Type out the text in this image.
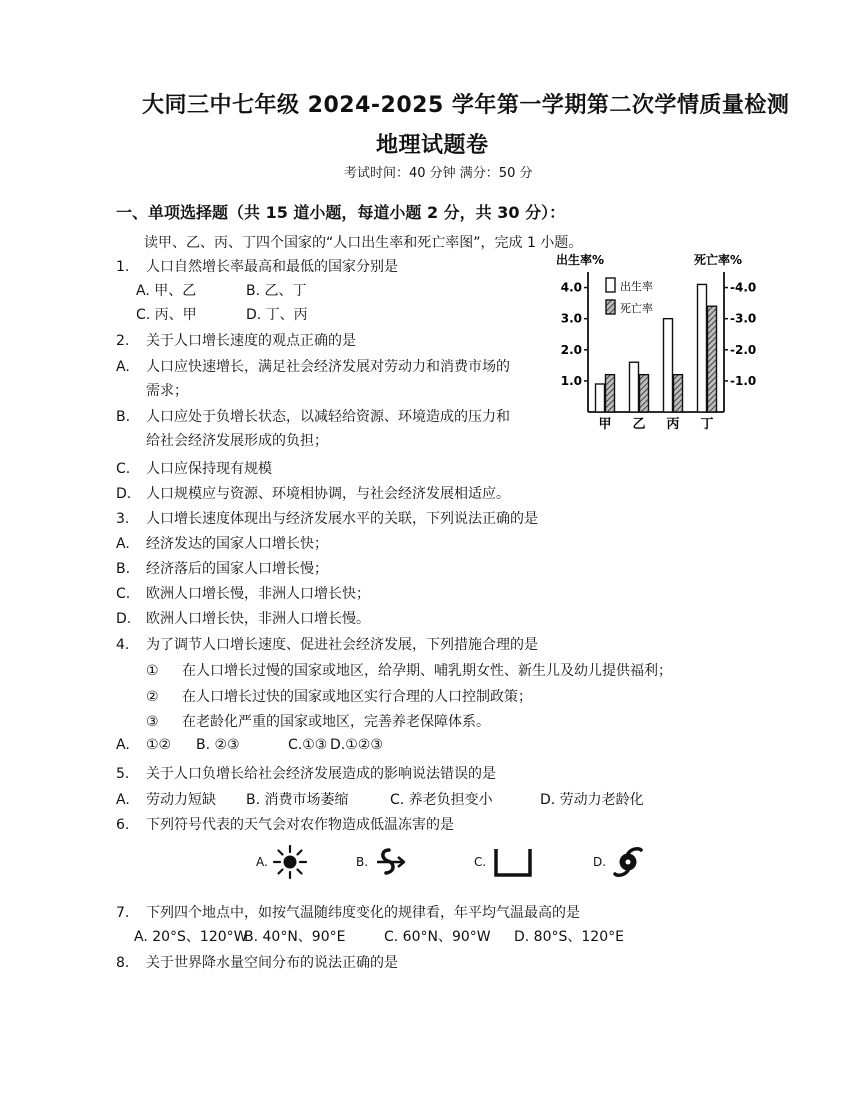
大同三中七年级 2024-2025 学年第一学期第二次学情质量检测
地理试题卷
考试时间：40 分钟 满分：50 分
一、单项选择题（共 15 道小题，每道小题 2 分，共 30 分）：
读甲、乙、丙、丁四个国家的“人口出生率和死亡率图”，完成 1 小题。
1. 人口自然增长率最高和最低的国家分别是
A. 甲、乙	B. 乙、丁
C. 丙、甲	D. 丁、丙
2. 关于人口增长速度的观点正确的是
A. 人口应快速增长，满足社会经济发展对劳动力和消费市场的
需求；
B. 人口应处于负增长状态，以减轻给资源、环境造成的压力和
给社会经济发展形成的负担；
C. 人口应保持现有规模
D. 人口规模应与资源、环境相协调，与社会经济发展相适应。
3. 人口增长速度体现出与经济发展水平的关联，下列说法正确的是
A. 经济发达的国家人口增长快；
B. 经济落后的国家人口增长慢；
C. 欧洲人口增长慢，非洲人口增长快；
D. 欧洲人口增长快，非洲人口增长慢。
4. 为了调节人口增长速度、促进社会经济发展，下列措施合理的是
① 在人口增长过慢的国家或地区，给孕期、哺乳期女性、新生儿及幼儿提供福利；
② 在人口增长过快的国家或地区实行合理的人口控制政策；
③ 在老龄化严重的国家或地区，完善养老保障体系。
A. ①② B. ②③	C.①③ D.①②③
5. 关于人口负增长给社会经济发展造成的影响说法错误的是
A. 劳动力短缺 B. 消费市场萎缩	C. 养老负担变小	D. 劳动力老龄化
6. 下列符号代表的天气会对农作物造成低温冻害的是
A.	B.	C.	D.
7. 下列四个地点中，如按气温随纬度变化的规律看，年平均气温最高的是
A. 20°S、120°W
B. 40°N、90°E	C. 60°N、90°W D. 80°S、120°E
8. 关于世界降水量空间分布的说法正确的是
出生率%	死亡率%
1.0	-1.0
2.0	-2.0
3.0	-3.0
4.0	-4.0
甲 乙 丙 丁
出生率
死亡率
